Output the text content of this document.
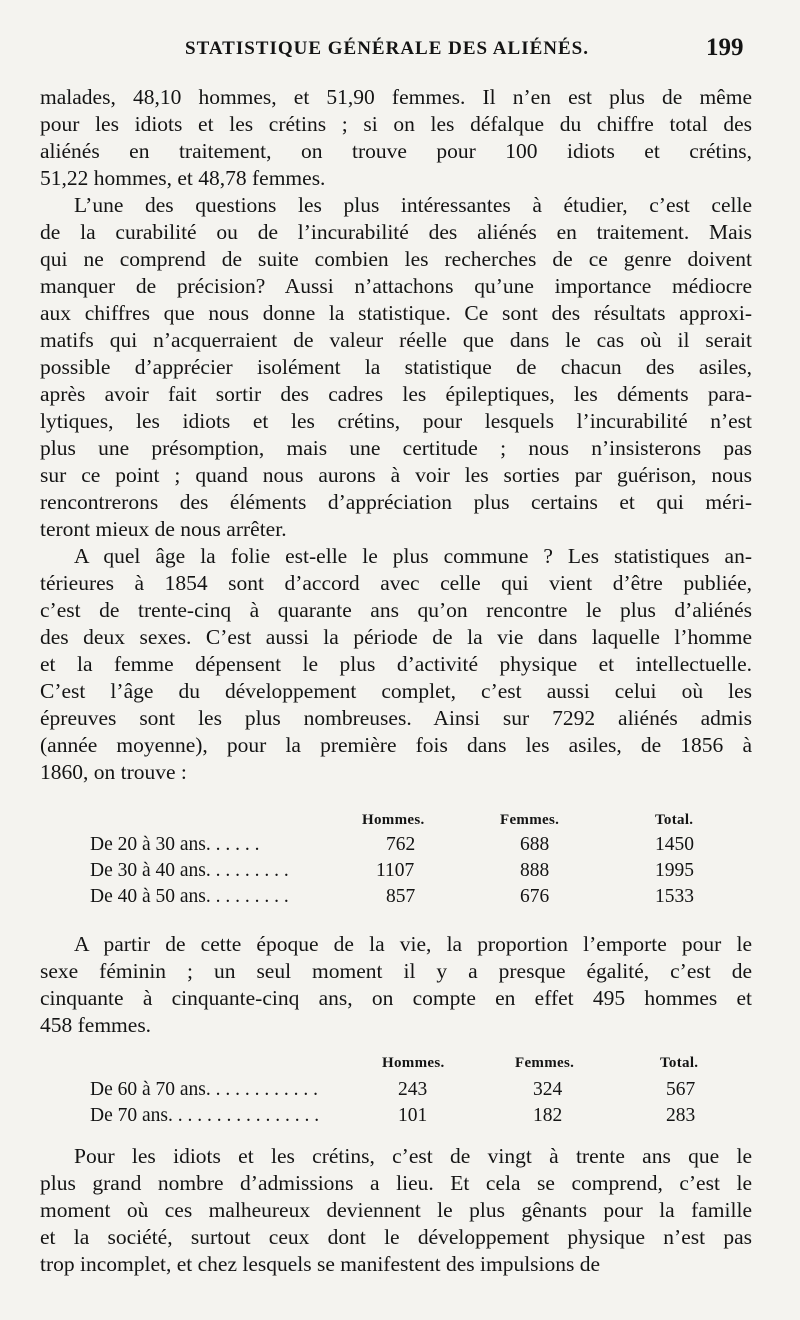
STATISTIQUE GÉNÉRALE DES ALIÉNÉS.	199
malades, 48,10 hommes, et 51,90 femmes. Il n’en est plus de même
pour les idiots et les crétins ; si on les défalque du chiffre total des
aliénés en traitement, on trouve pour 100 idiots et crétins,
51,22 hommes, et 48,78 femmes.
L’une des questions les plus intéressantes à étudier, c’est celle
de la curabilité ou de l’incurabilité des aliénés en traitement. Mais
qui ne comprend de suite combien les recherches de ce genre doivent
manquer de précision? Aussi n’attachons qu’une importance médiocre
aux chiffres que nous donne la statistique. Ce sont des résultats approxi-
matifs qui n’acquerraient de valeur réelle que dans le cas où il serait
possible d’apprécier isolément la statistique de chacun des asiles,
après avoir fait sortir des cadres les épileptiques, les déments para-
lytiques, les idiots et les crétins, pour lesquels l’incurabilité n’est
plus une présomption, mais une certitude ; nous n’insisterons pas
sur ce point ; quand nous aurons à voir les sorties par guérison, nous
rencontrerons des éléments d’appréciation plus certains et qui méri-
teront mieux de nous arrêter.
A quel âge la folie est-elle le plus commune ? Les statistiques an-
térieures à 1854 sont d’accord avec celle qui vient d’être publiée,
c’est de trente-cinq à quarante ans qu’on rencontre le plus d’aliénés
des deux sexes. C’est aussi la période de la vie dans laquelle l’homme
et la femme dépensent le plus d’activité physique et intellectuelle.
C’est l’âge du développement complet, c’est aussi celui où les
épreuves sont les plus nombreuses. Ainsi sur 7292 aliénés admis
(année moyenne), pour la première fois dans les asiles, de 1856 à
1860, on trouve :
Hommes.	Femmes.	Total.
De 20 à 30 ans. . . . . .	762	688	1450
De 30 à 40 ans. . . . . . . . .	1107	888	1995
De 40 à 50 ans. . . . . . . . .	857	676	1533
A partir de cette époque de la vie, la proportion l’emporte pour le
sexe féminin ; un seul moment il y a presque égalité, c’est de
cinquante à cinquante-cinq ans, on compte en effet 495 hommes et
458 femmes.
Hommes.	Femmes.	Total.
De 60 à 70 ans. . . . . . . . . . . .	243	324	567
De 70 ans. . . . . . . . . . . . . . . .	101	182	283
Pour les idiots et les crétins, c’est de vingt à trente ans que le
plus grand nombre d’admissions a lieu. Et cela se comprend, c’est le
moment où ces malheureux deviennent le plus gênants pour la famille
et la société, surtout ceux dont le développement physique n’est pas
trop incomplet, et chez lesquels se manifestent des impulsions de
